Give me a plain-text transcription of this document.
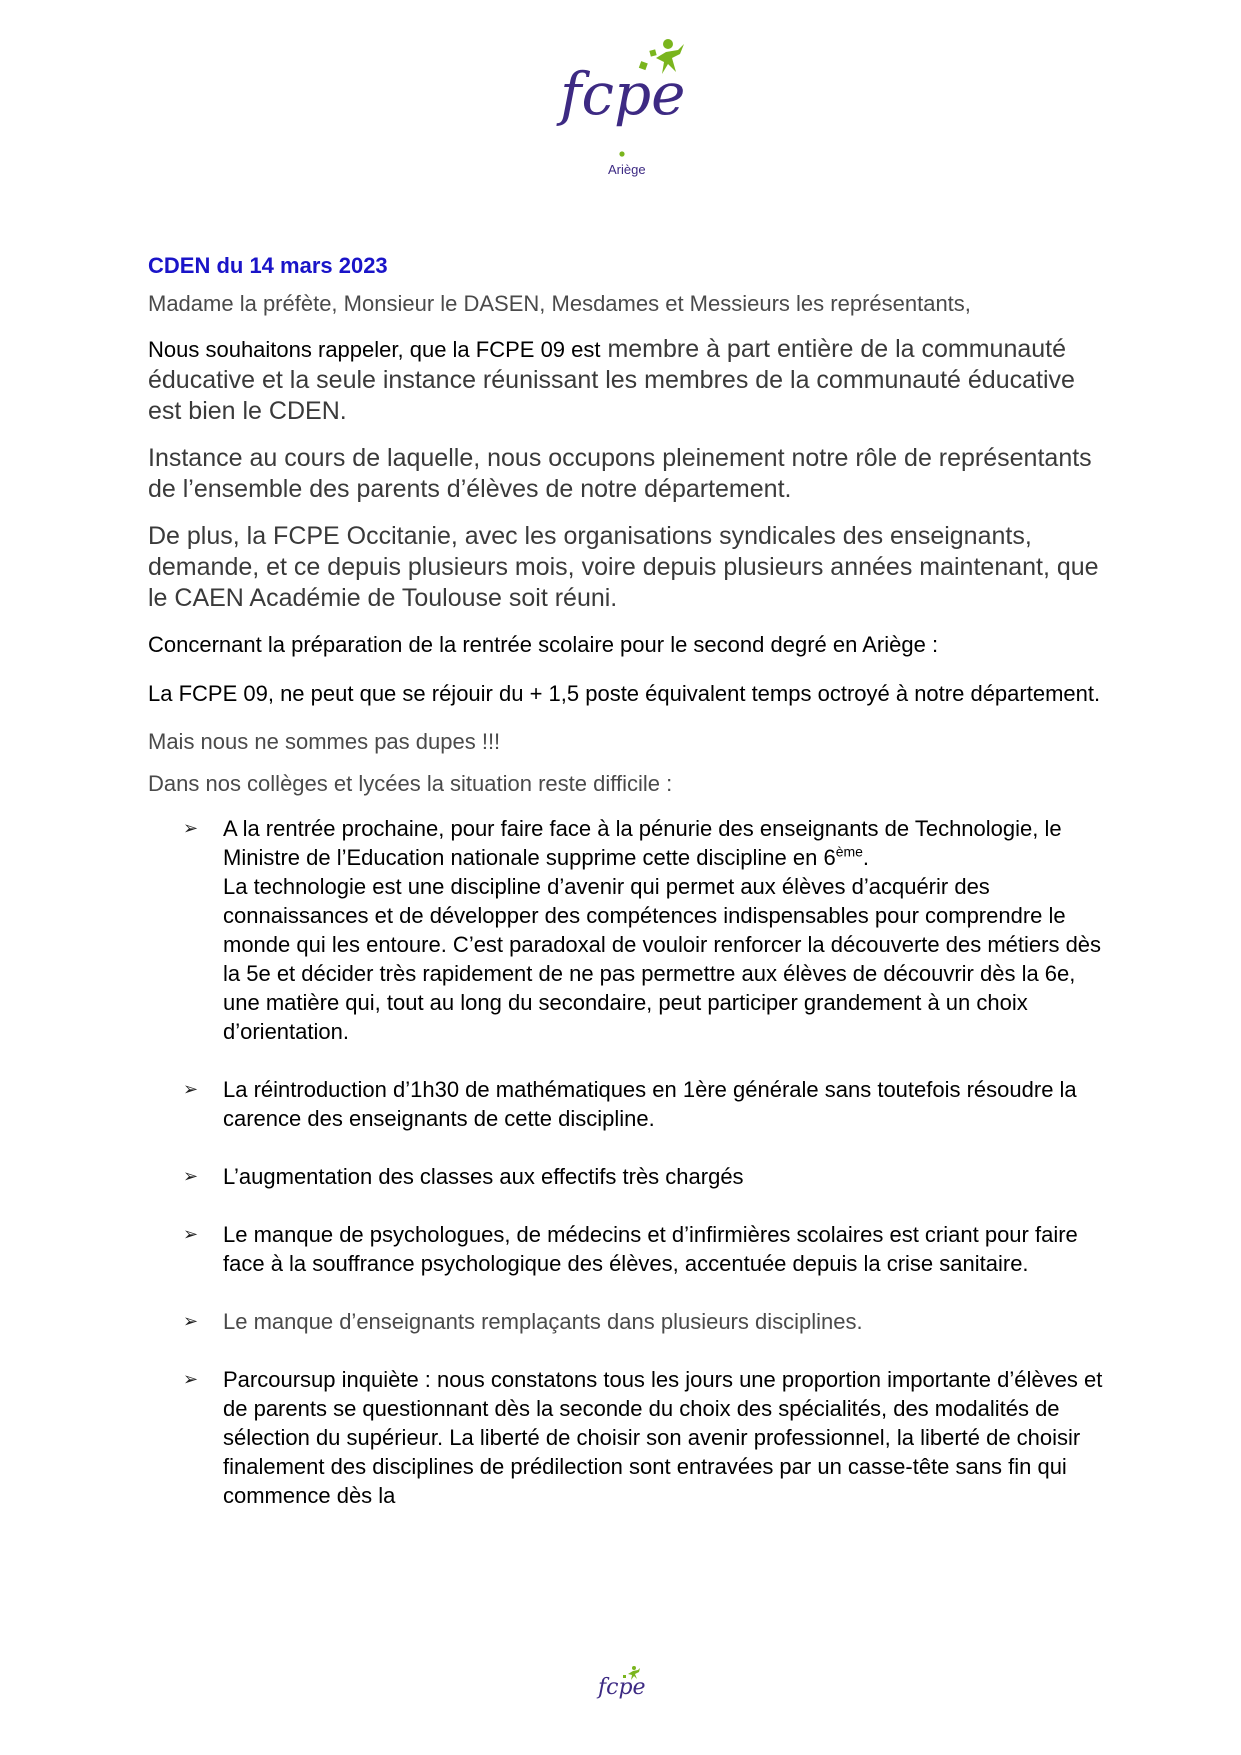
fcpe
Ariège

CDEN du 14 mars 2023

Madame la préfète, Monsieur le DASEN, Mesdames et Messieurs les représentants,

Nous souhaitons rappeler, que la FCPE 09 est membre à part entière de la communauté éducative et la seule instance réunissant les membres de la communauté éducative est bien le CDEN.

Instance au cours de laquelle, nous occupons pleinement notre rôle de représentants de l’ensemble des parents d’élèves de notre département.

De plus, la FCPE Occitanie, avec les organisations syndicales des enseignants, demande, et ce depuis plusieurs mois, voire depuis plusieurs années maintenant, que le CAEN Académie de Toulouse soit réuni.

Concernant la préparation de la rentrée scolaire pour le second degré en Ariège :

La FCPE 09, ne peut que se réjouir du + 1,5 poste équivalent temps octroyé à notre département.

Mais nous ne sommes pas dupes !!!

Dans nos collèges et lycées la situation reste difficile :

➢ A la rentrée prochaine, pour faire face à la pénurie des enseignants de Technologie, le Ministre de l’Education nationale supprime cette discipline en 6ème.
La technologie est une discipline d’avenir qui permet aux élèves d’acquérir des connaissances et de développer des compétences indispensables pour comprendre le monde qui les entoure. C’est paradoxal de vouloir renforcer la découverte des métiers dès la 5e et décider très rapidement de ne pas permettre aux élèves de découvrir dès la 6e, une matière qui, tout au long du secondaire, peut participer grandement à un choix d’orientation.
➢ La réintroduction d’1h30 de mathématiques en 1ère générale sans toutefois résoudre la carence des enseignants de cette discipline.
➢ L’augmentation des classes aux effectifs très chargés
➢ Le manque de psychologues, de médecins et d’infirmières scolaires est criant pour faire face à la souffrance psychologique des élèves, accentuée depuis la crise sanitaire.
➢ Le manque d’enseignants remplaçants dans plusieurs disciplines.
➢ Parcoursup inquiète : nous constatons tous les jours une proportion importante d’élèves et de parents se questionnant dès la seconde du choix des spécialités, des modalités de sélection du supérieur. La liberté de choisir son avenir professionnel, la liberté de choisir finalement des disciplines de prédilection sont entravées par un casse-tête sans fin qui commence dès la
fcpe
